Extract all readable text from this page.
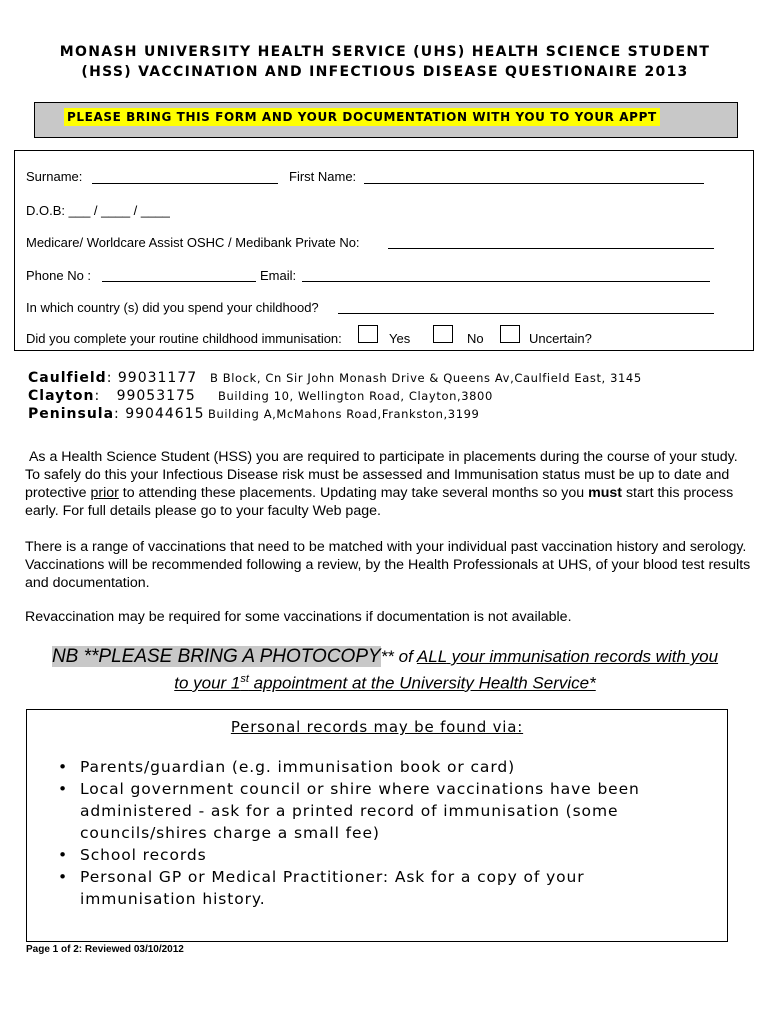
MONASH UNIVERSITY HEALTH SERVICE (UHS) HEALTH SCIENCE STUDENT
(HSS) VACCINATION AND INFECTIOUS DISEASE QUESTIONAIRE 2013
PLEASE BRING THIS FORM AND YOUR DOCUMENTATION WITH YOU TO YOUR APPT
Surname:	First Name:
D.O.B: ___ / ____ / ____
Medicare/ Worldcare Assist OSHC / Medibank Private No:
Phone No :	Email:
In which country (s) did you spend your childhood?
Did you complete your routine childhood immunisation:	Yes	No	Uncertain?
Caulfield: 99031177 B Block, Cn Sir John Monash Drive & Queens Av,Caulfield East, 3145
Clayton:   99053175 Building 10, Wellington Road, Clayton,3800
Peninsula: 99044615 Building A,McMahons Road,Frankston,3199
As a Health Science Student (HSS) you are required to participate in placements during the course of your study. To safely do this your Infectious Disease risk must be assessed and Immunisation status must be up to date and protective prior to attending these placements. Updating may take several months so you must start this process early. For full details please go to your faculty Web page.
There is a range of vaccinations that need to be matched with your individual past vaccination history and serology. Vaccinations will be recommended following a review, by the Health Professionals at UHS, of your blood test results and documentation.
Revaccination may be required for some vaccinations if documentation is not available.
NB **PLEASE BRING A PHOTOCOPY** of ALL your immunisation records with you
to your 1st appointment at the University Health Service*
Personal records may be found via:
• Parents/guardian (e.g. immunisation book or card)
• Local government council or shire where vaccinations have been administered - ask for a printed record of immunisation (some councils/shires charge a small fee)
• School records
• Personal GP or Medical Practitioner: Ask for a copy of your immunisation history.
Page 1 of 2: Reviewed 03/10/2012
